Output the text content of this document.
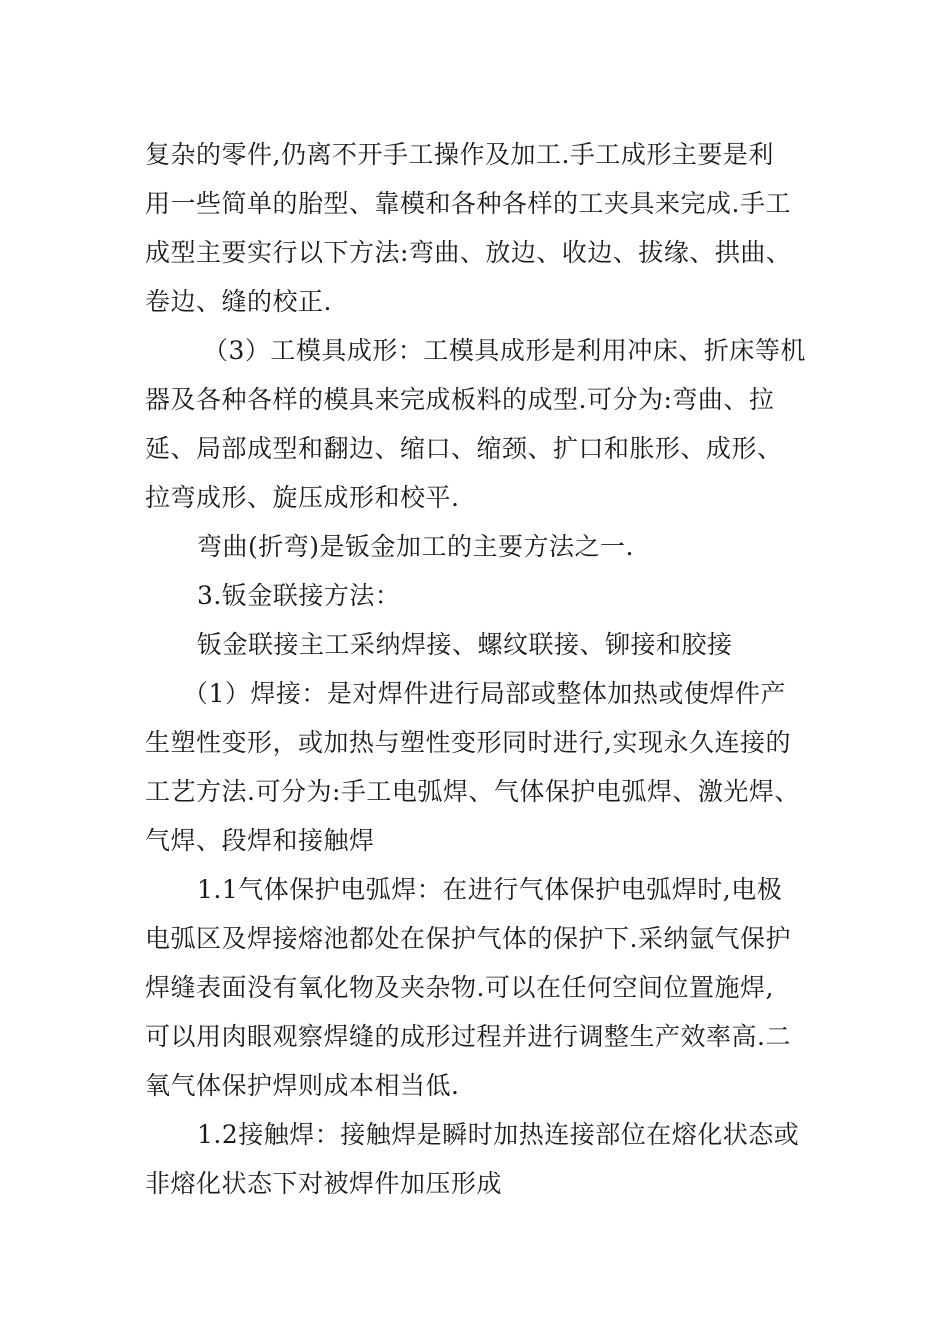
复杂的零件,仍离不开手工操作及加工.手工成形主要是利
用一些简单的胎型、靠模和各种各样的工夹具来完成.手工
成型主要实行以下方法:弯曲、放边、收边、拔缘、拱曲、
卷边、缝的校正.
（3）工模具成形：工模具成形是利用冲床、折床等机
器及各种各样的模具来完成板料的成型.可分为:弯曲、拉
延、局部成型和翻边、缩口、缩颈、扩口和胀形、成形、
拉弯成形、旋压成形和校平.
弯曲(折弯)是钣金加工的主要方法之一.
3.钣金联接方法：
钣金联接主工采纳焊接、螺纹联接、铆接和胶接
（1）焊接：是对焊件进行局部或整体加热或使焊件产
生塑性变形，或加热与塑性变形同时进行,实现永久连接的
工艺方法.可分为:手工电弧焊、气体保护电弧焊、激光焊、
气焊、段焊和接触焊
1.1气体保护电弧焊：在进行气体保护电弧焊时,电极
电弧区及焊接熔池都处在保护气体的保护下.采纳氩气保护
焊缝表面没有氧化物及夹杂物.可以在任何空间位置施焊,
可以用肉眼观察焊缝的成形过程并进行调整生产效率高.二
氧气体保护焊则成本相当低.
1.2接触焊：接触焊是瞬时加热连接部位在熔化状态或
非熔化状态下对被焊件加压形成
